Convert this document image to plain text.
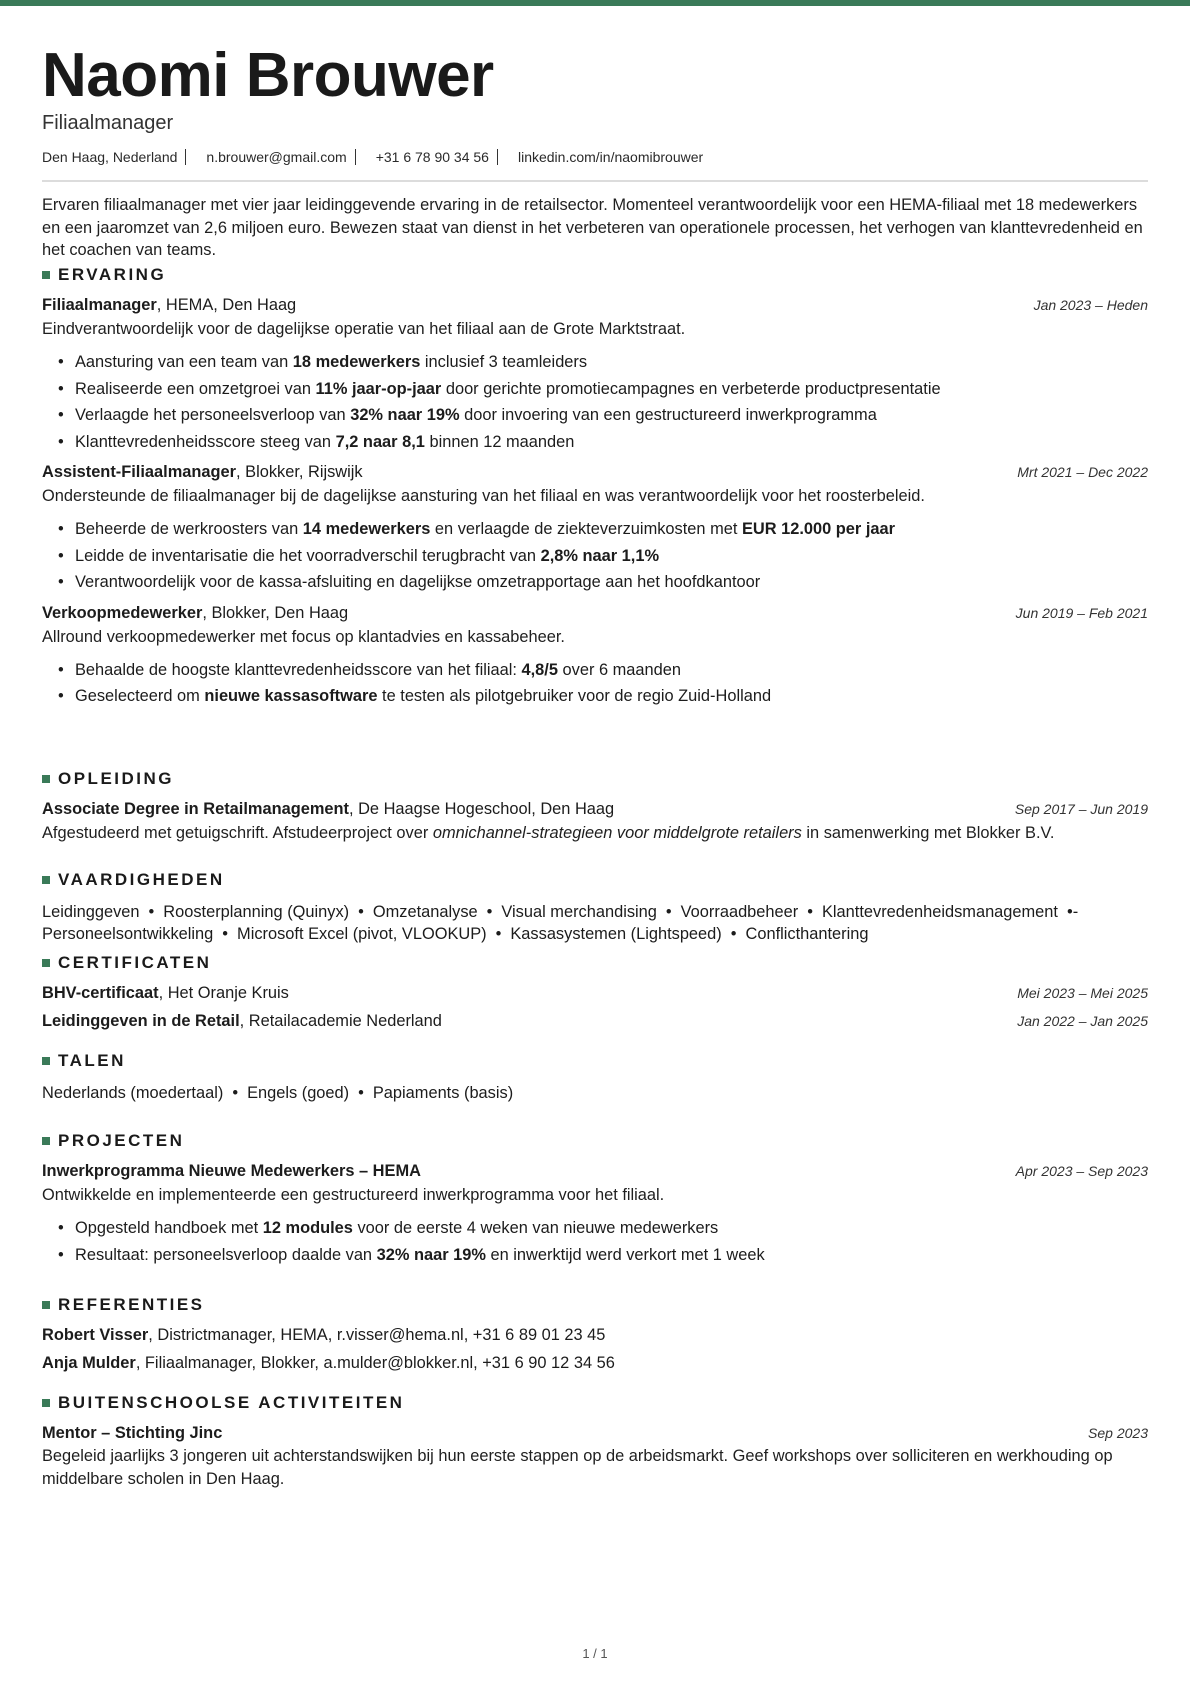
Naomi Brouwer
Filiaalmanager
Den Haag, Nederland n.brouwer@gmail.com +31 6 78 90 34 56 linkedin.com/in/naomibrouwer

Ervaren filiaalmanager met vier jaar leidinggevende ervaring in de retailsector. Momenteel verantwoordelijk voor een HEMA-filiaal met 18 medewerkers en een jaaromzet van 2,6 miljoen euro. Bewezen staat van dienst in het verbeteren van operationele processen, het verhogen van klanttevredenheid en het coachen van teams.

ERVARING
Filiaalmanager, HEMA, Den Haag	Jan 2023 – Heden
Eindverantwoordelijk voor de dagelijkse operatie van het filiaal aan de Grote Marktstraat.
• Aansturing van een team van 18 medewerkers inclusief 3 teamleiders
• Realiseerde een omzetgroei van 11% jaar-op-jaar door gerichte promotiecampagnes en verbeterde productpresentatie
• Verlaagde het personeelsverloop van 32% naar 19% door invoering van een gestructureerd inwerkprogramma
• Klanttevredenheidsscore steeg van 7,2 naar 8,1 binnen 12 maanden
Assistent-Filiaalmanager, Blokker, Rijswijk	Mrt 2021 – Dec 2022
Ondersteunde de filiaalmanager bij de dagelijkse aansturing van het filiaal en was verantwoordelijk voor het roosterbeleid.
• Beheerde de werkroosters van 14 medewerkers en verlaagde de ziekteverzuimkosten met EUR 12.000 per jaar
• Leidde de inventarisatie die het voorradverschil terugbracht van 2,8% naar 1,1%
• Verantwoordelijk voor de kassa-afsluiting en dagelijkse omzetrapportage aan het hoofdkantoor
Verkoopmedewerker, Blokker, Den Haag	Jun 2019 – Feb 2021
Allround verkoopmedewerker met focus op klantadvies en kassabeheer.
• Behaalde de hoogste klanttevredenheidsscore van het filiaal: 4,8/5 over 6 maanden
• Geselecteerd om nieuwe kassasoftware te testen als pilotgebruiker voor de regio Zuid-Holland
OPLEIDING
Associate Degree in Retailmanagement, De Haagse Hogeschool, Den Haag	Sep 2017 – Jun 2019
Afgestudeerd met getuigschrift. Afstudeerproject over omnichannel-strategieen voor middelgrote retailers in samenwerking met Blokker B.V.
VAARDIGHEDEN
Leidinggeven • Roosterplanning (Quinyx) • Omzetanalyse • Visual merchandising • Voorraadbeheer • Klanttevredenheidsmanagement •-
Personeelsontwikkeling • Microsoft Excel (pivot, VLOOKUP) • Kassasystemen (Lightspeed) • Conflicthantering
CERTIFICATEN
BHV-certificaat, Het Oranje Kruis	Mei 2023 – Mei 2025
Leidinggeven in de Retail, Retailacademie Nederland	Jan 2022 – Jan 2025
TALEN
Nederlands (moedertaal) • Engels (goed) • Papiaments (basis)
PROJECTEN
Inwerkprogramma Nieuwe Medewerkers – HEMA	Apr 2023 – Sep 2023
Ontwikkelde en implementeerde een gestructureerd inwerkprogramma voor het filiaal.
• Opgesteld handboek met 12 modules voor de eerste 4 weken van nieuwe medewerkers
• Resultaat: personeelsverloop daalde van 32% naar 19% en inwerktijd werd verkort met 1 week
REFERENTIES
Robert Visser, Districtmanager, HEMA, r.visser@hema.nl, +31 6 89 01 23 45
Anja Mulder, Filiaalmanager, Blokker, a.mulder@blokker.nl, +31 6 90 12 34 56
BUITENSCHOOLSE ACTIVITEITEN
Mentor – Stichting Jinc	Sep 2023
Begeleid jaarlijks 3 jongeren uit achterstandswijken bij hun eerste stappen op de arbeidsmarkt. Geef workshops over solliciteren en werkhouding op middelbare scholen in Den Haag.
1 / 1
